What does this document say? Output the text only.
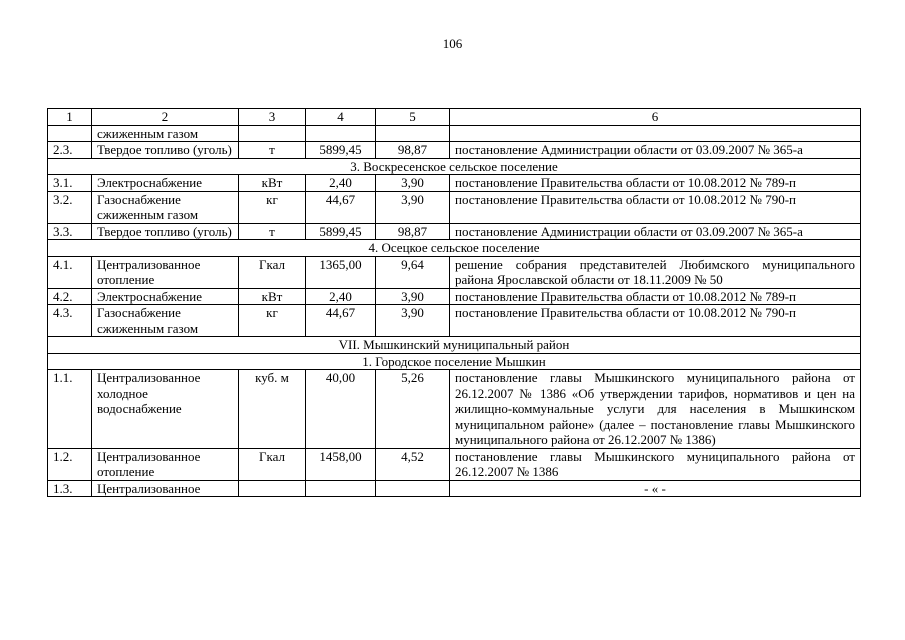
106
1	2	3	4	5	6
	сжиженным газом				
2.3.	Твердое топливо (уголь)	т	5899,45	98,87	постановление Администрации области от 03.09.2007 № 365-а
3. Воскресенское сельское поселение					
3.1.	Электроснабжение	кВт	2,40	3,90	постановление Правительства области от 10.08.2012 № 789-п
3.2.	Газоснабжение сжиженным газом	кг	44,67	3,90	постановление Правительства области от 10.08.2012 № 790-п
3.3.	Твердое топливо (уголь)	т	5899,45	98,87	постановление Администрации области от 03.09.2007 № 365-а
4. Осецкое сельское поселение					
4.1.	Централизованное отопление	Гкал	1365,00	9,64	решение собрания представителей Любимского муниципального района Ярославской области от 18.11.2009 № 50
4.2.	Электроснабжение	кВт	2,40	3,90	постановление Правительства области от 10.08.2012 № 789-п
4.3.	Газоснабжение сжиженным газом	кг	44,67	3,90	постановление Правительства области от 10.08.2012 № 790-п
VII. Мышкинский муниципальный район					
1. Городское поселение Мышкин					
1.1.	Централизованное холодное водоснабжение	куб. м	40,00	5,26	постановление главы Мышкинского муниципального района от 26.12.2007 № 1386 «Об утверждении тарифов, нормативов и цен на жилищно-коммунальные услуги для населения в Мышкинском муниципальном районе» (далее – постановление главы Мышкинского муниципального района от 26.12.2007 № 1386)
1.2.	Централизованное отопление	Гкал	1458,00	4,52	постановление главы Мышкинского муниципального района от 26.12.2007 № 1386
1.3.	Централизованное				- « -
